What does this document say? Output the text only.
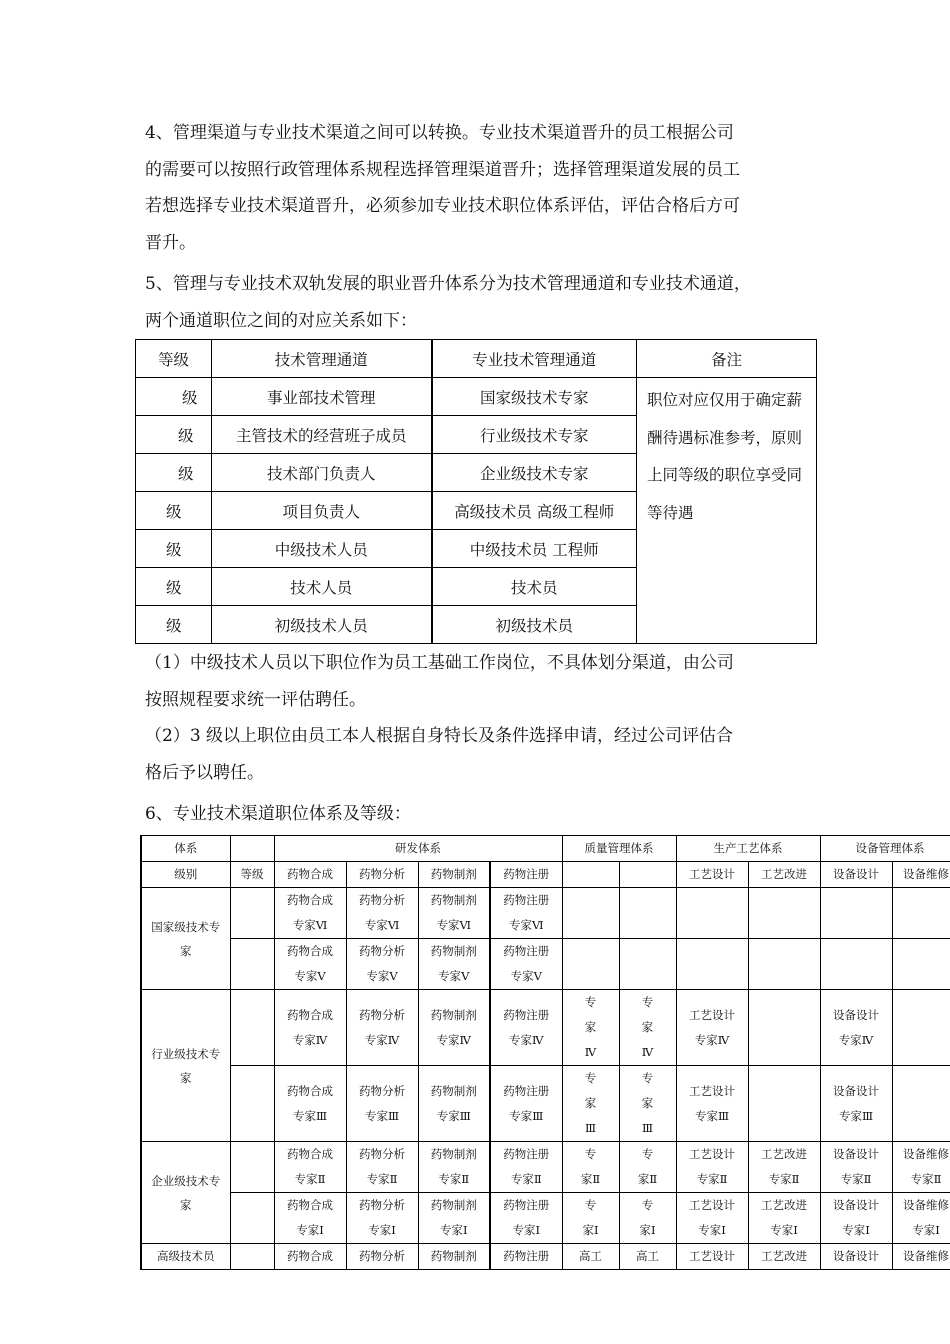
4、管理渠道与专业技术渠道之间可以转换。专业技术渠道晋升的员工根据公司
的需要可以按照行政管理体系规程选择管理渠道晋升；选择管理渠道发展的员工
若想选择专业技术渠道晋升，必须参加专业技术职位体系评估，评估合格后方可
晋升。
5、管理与专业技术双轨发展的职业晋升体系分为技术管理通道和专业技术通道，
两个通道职位之间的对应关系如下：
等级	技术管理通道	专业技术管理通道	备注
级	事业部技术管理	国家级技术专家	职位对应仅用于确定薪酬待遇标准参考，原则上同等级的职位享受同等待遇
级	主管技术的经营班子成员	行业级技术专家	
级	技术部门负责人	企业级技术专家	
级	项目负责人	高级技术员 高级工程师	
级	中级技术人员	中级技术员 工程师	
级	技术人员	技术员	
级	初级技术人员	初级技术员	
（1）中级技术人员以下职位作为员工基础工作岗位，不具体划分渠道，由公司
按照规程要求统一评估聘任。
（2）3 级以上职位由员工本人根据自身特长及条件选择申请，经过公司评估合
格后予以聘任。
6、专业技术渠道职位体系及等级：
体系		研发体系				质量管理体系		生产工艺体系		设备管理体系	
级别	等级	药物合成	药物分析	药物制剂	药物注册			工艺设计	工艺改进	设备设计	设备维修
国家级技术专家		药物合成专家Ⅵ	药物分析专家Ⅵ	药物制剂专家Ⅵ	药物注册专家Ⅵ						
		药物合成专家Ⅴ	药物分析专家Ⅴ	药物制剂专家Ⅴ	药物注册专家Ⅴ						
行业级技术专家		药物合成专家Ⅳ	药物分析专家Ⅳ	药物制剂专家Ⅳ	药物注册专家Ⅳ	专家Ⅳ	专家Ⅳ	工艺设计专家Ⅳ		设备设计专家Ⅳ	
		药物合成专家Ⅲ	药物分析专家Ⅲ	药物制剂专家Ⅲ	药物注册专家Ⅲ	专家Ⅲ	专家Ⅲ	工艺设计专家Ⅲ		设备设计专家Ⅲ	
企业级技术专家		药物合成专家Ⅱ	药物分析专家Ⅱ	药物制剂专家Ⅱ	药物注册专家Ⅱ	专家Ⅱ	专家Ⅱ	工艺设计专家Ⅱ	工艺改进专家Ⅱ	设备设计专家Ⅱ	设备维修专家Ⅱ
		药物合成专家Ⅰ	药物分析专家Ⅰ	药物制剂专家Ⅰ	药物注册专家Ⅰ	专家Ⅰ	专家Ⅰ	工艺设计专家Ⅰ	工艺改进专家Ⅰ	设备设计专家Ⅰ	设备维修专家Ⅰ
高级技术员		药物合成	药物分析	药物制剂	药物注册	高工	高工	工艺设计	工艺改进	设备设计	设备维修
